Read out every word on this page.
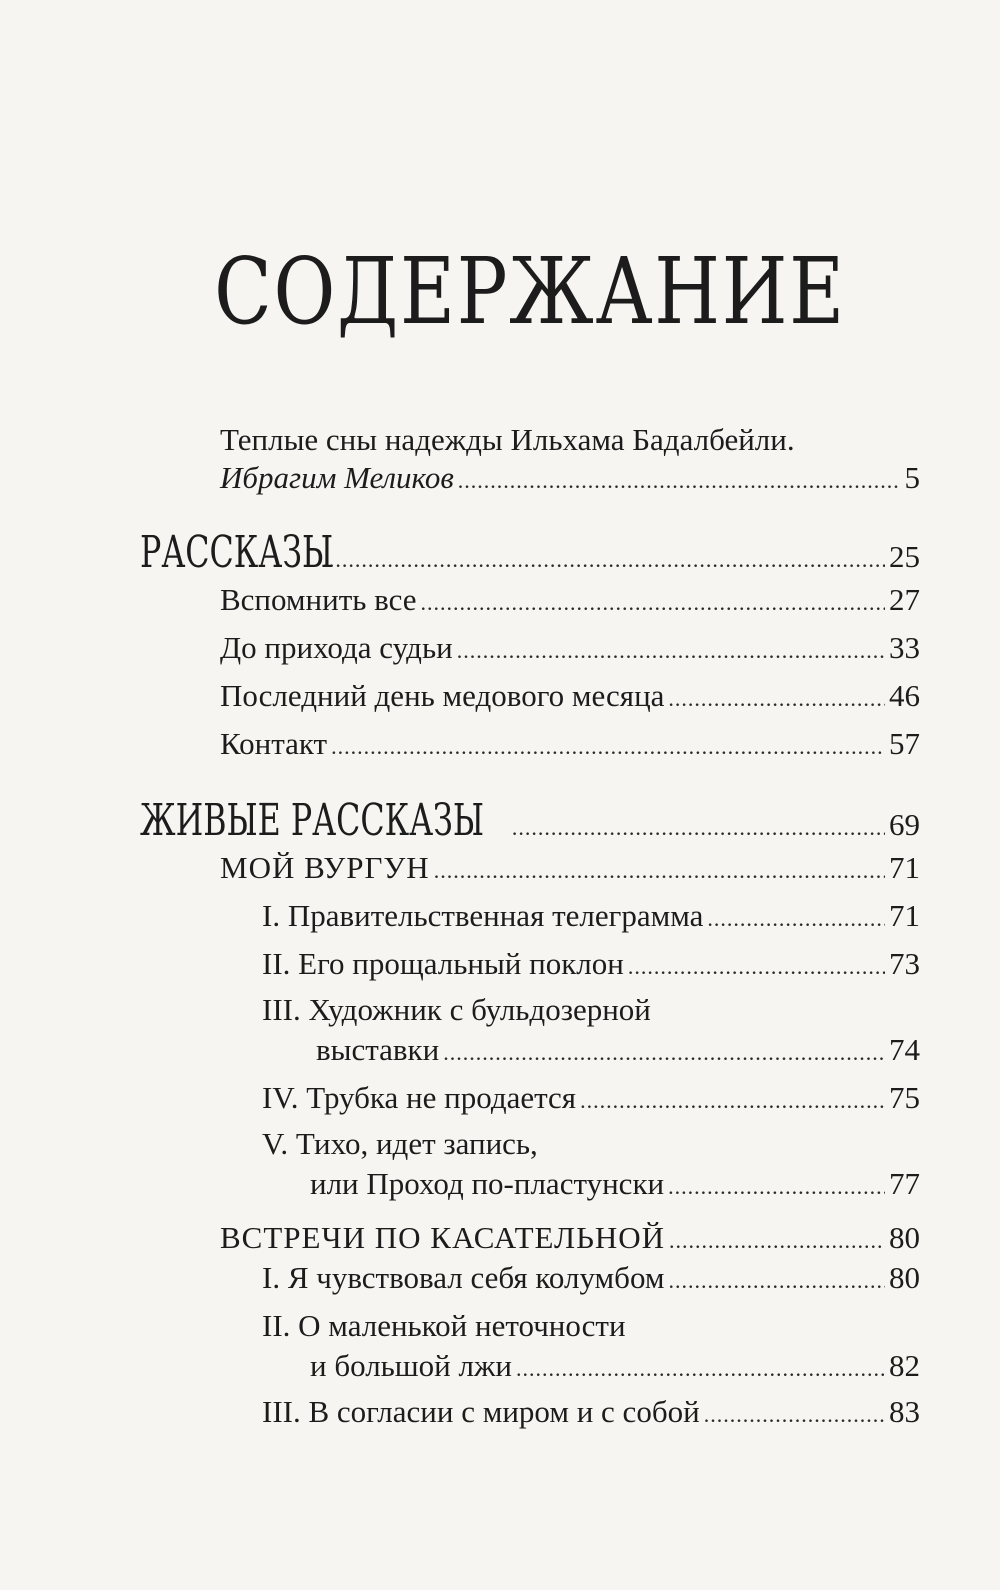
СОДЕРЖАНИЕ
Теплые сны надежды Ильхама Бадалбейли.
Ибрагим Меликов .....	5
РАССКАЗЫ .....	25
Вспомнить все .....	27
До прихода судьи .....	33
Последний день медового месяца .....	46
Контакт .....	57
ЖИВЫЕ РАССКАЗЫ .....	69
МОЙ ВУРГУН .....	71
I. Правительственная телеграмма .....	71
II. Его прощальный поклон .....	73
III. Художник с бульдозерной
выставки .....	74
IV. Трубка не продается .....	75
V. Тихо, идет запись,
или Проход по-пластунски .....	77
ВСТРЕЧИ ПО КАСАТЕЛЬНОЙ .....	80
I. Я чувствовал себя колумбом .....	80
II. О маленькой неточности
и большой лжи .....	82
III. В согласии с миром и с собой .....	83
